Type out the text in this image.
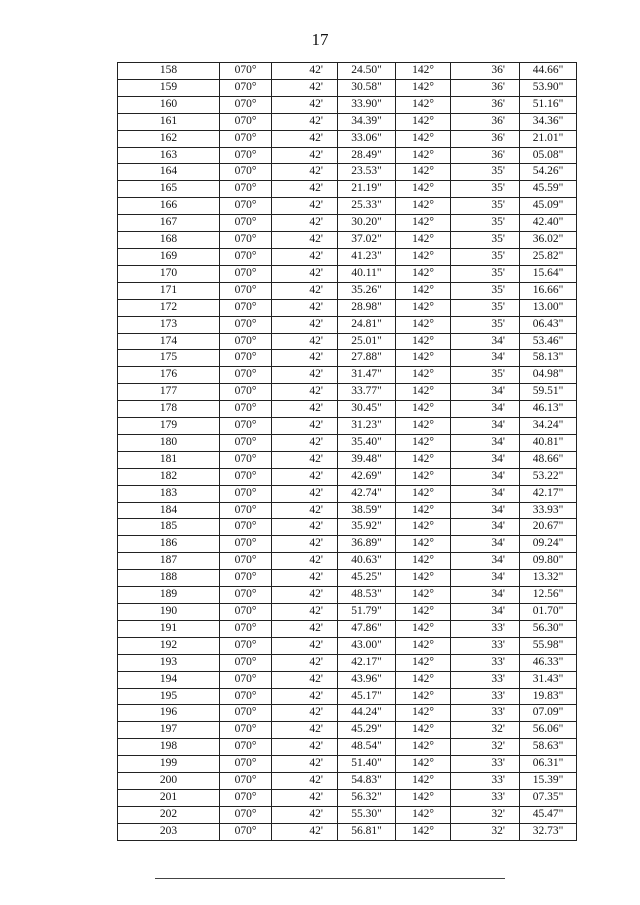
17
158	070°	42'	24.50"	142°	36'	44.66"
159	070°	42'	30.58"	142°	36'	53.90"
160	070°	42'	33.90"	142°	36'	51.16"
161	070°	42'	34.39"	142°	36'	34.36"
162	070°	42'	33.06"	142°	36'	21.01"
163	070°	42'	28.49"	142°	36'	05.08"
164	070°	42'	23.53"	142°	35'	54.26"
165	070°	42'	21.19"	142°	35'	45.59"
166	070°	42'	25.33"	142°	35'	45.09"
167	070°	42'	30.20"	142°	35'	42.40"
168	070°	42'	37.02"	142°	35'	36.02"
169	070°	42'	41.23"	142°	35'	25.82"
170	070°	42'	40.11"	142°	35'	15.64"
171	070°	42'	35.26"	142°	35'	16.66"
172	070°	42'	28.98"	142°	35'	13.00"
173	070°	42'	24.81"	142°	35'	06.43"
174	070°	42'	25.01"	142°	34'	53.46"
175	070°	42'	27.88"	142°	34'	58.13"
176	070°	42'	31.47"	142°	35'	04.98"
177	070°	42'	33.77"	142°	34'	59.51"
178	070°	42'	30.45"	142°	34'	46.13"
179	070°	42'	31.23"	142°	34'	34.24"
180	070°	42'	35.40"	142°	34'	40.81"
181	070°	42'	39.48"	142°	34'	48.66"
182	070°	42'	42.69"	142°	34'	53.22"
183	070°	42'	42.74"	142°	34'	42.17"
184	070°	42'	38.59"	142°	34'	33.93"
185	070°	42'	35.92"	142°	34'	20.67"
186	070°	42'	36.89"	142°	34'	09.24"
187	070°	42'	40.63"	142°	34'	09.80"
188	070°	42'	45.25"	142°	34'	13.32"
189	070°	42'	48.53"	142°	34'	12.56"
190	070°	42'	51.79"	142°	34'	01.70"
191	070°	42'	47.86"	142°	33'	56.30"
192	070°	42'	43.00"	142°	33'	55.98"
193	070°	42'	42.17"	142°	33'	46.33"
194	070°	42'	43.96"	142°	33'	31.43"
195	070°	42'	45.17"	142°	33'	19.83"
196	070°	42'	44.24"	142°	33'	07.09"
197	070°	42'	45.29"	142°	32'	56.06"
198	070°	42'	48.54"	142°	32'	58.63"
199	070°	42'	51.40"	142°	33'	06.31"
200	070°	42'	54.83"	142°	33'	15.39"
201	070°	42'	56.32"	142°	33'	07.35"
202	070°	42'	55.30"	142°	32'	45.47"
203	070°	42'	56.81"	142°	32'	32.73"
